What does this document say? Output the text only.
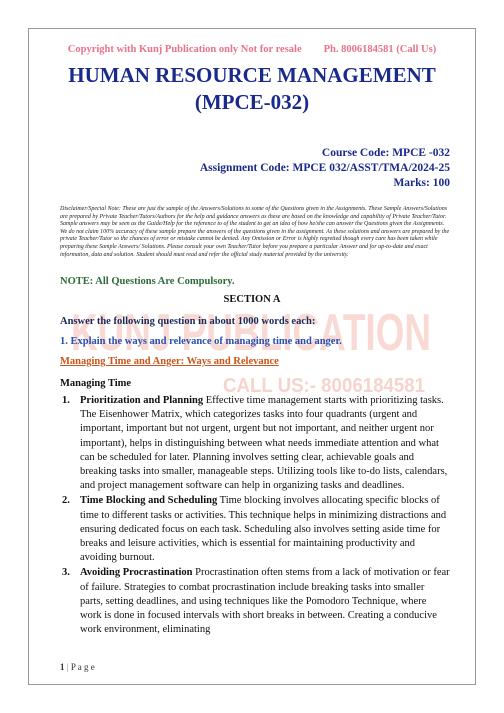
KUNJ PUBLICATION
CALL US:- 8006184581
Copyright with Kunj Publication only Not for resale Ph. 8006184581 (Call Us)
HUMAN RESOURCE MANAGEMENT
(MPCE-032)
Course Code: MPCE -032
Assignment Code: MPCE 032/ASST/TMA/2024-25
Marks: 100
Disclaimer/Special Note: These are just the sample of the Answers/Solutions to some of the Questions given in the Assignments. These Sample Answers/Solutions are prepared by Private Teacher/Tutors/Authors for the help and guidance answers as these are based on the knowledge and capability of Private Teacher/Tutor. Sample answers may be seen as the Guide/Help for the reference to of the student to get an idea of how he/she can answer the Questions given the Assignments. We do not claim 100% accuracy of these sample prepare the answers of the questions given in the assignment. As these solutions and answers are prepared by the private Teacher/Tutor so the chances of error or mistake cannot be denied. Any Omission or Error is highly regretted though every care has been taken while preparing these Sample Answers/ Solutions. Please consult your own Teacher/Tutor before you prepare a particular Answer and for up-to-date and exact information, data and solution. Student should must read and refer the official study material provided by the university.
NOTE: All Questions Are Compulsory.
SECTION A
Answer the following question in about 1000 words each:
1. Explain the ways and relevance of managing time and anger.
Managing Time and Anger: Ways and Relevance
Managing Time
1. Prioritization and Planning Effective time management starts with prioritizing tasks. The Eisenhower Matrix, which categorizes tasks into four quadrants (urgent and important, important but not urgent, urgent but not important, and neither urgent nor important), helps in distinguishing between what needs immediate attention and what can be scheduled for later. Planning involves setting clear, achievable goals and breaking tasks into smaller, manageable steps. Utilizing tools like to-do lists, calendars, and project management software can help in organizing tasks and deadlines.
2. Time Blocking and Scheduling Time blocking involves allocating specific blocks of time to different tasks or activities. This technique helps in minimizing distractions and ensuring dedicated focus on each task. Scheduling also involves setting aside time for breaks and leisure activities, which is essential for maintaining productivity and avoiding burnout.
3. Avoiding Procrastination Procrastination often stems from a lack of motivation or fear of failure. Strategies to combat procrastination include breaking tasks into smaller parts, setting deadlines, and using techniques like the Pomodoro Technique, where work is done in focused intervals with short breaks in between. Creating a conducive work environment, eliminating
1 | P a g e
